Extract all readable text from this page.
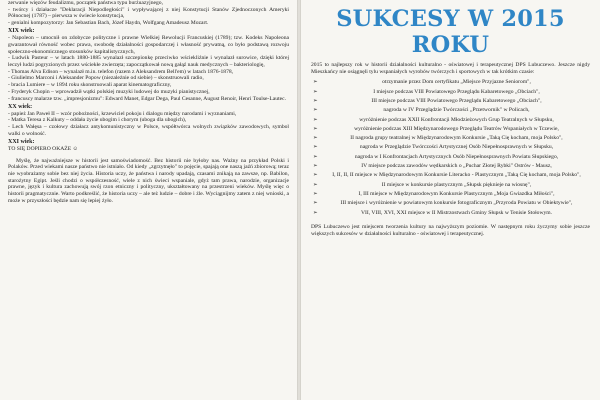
zerwanie więzów feudalizmu, początek państwa typu burżuazyjnego,

- twórcy i działacze "Deklaracji Niepodległości" i wypływającej z niej Konstytucji Stanów Zjednoczonych Ameryki Północnej (1787) – pierwsza w świecie konstytucja,

- genialni kompozytorzy: Jan Sebastian Bach, Józef Haydn, Wolfgang Amadeusz Mozart.

XIX wiek:

- Napoleon – umocnił on zdobycze polityczne i prawne Wielkiej Rewolucji Francuskiej (1789); tzw. Kodeks Napoleona gwarantował równość wobec prawa, swobodę działalności gospodarczej i własność prywatną, co było podstawą rozwoju społeczno-ekonomicznego stosunków kapitalistycznych,

- Ludwik Pasteur – w latach 1880-1885 wynalazł szczepionkę przeciwko wściekliźnie i wynalazł surowice, dzięki której leczył ludzi pogryzionych przez wściekłe zwierzęta; zapoczątkował nową gałąź nauk medycznych – bakteriologię,

- Thomas Alva Edison – wynalazł m.in. telefon (razem z Aleksandrem Bell'em) w latach 1876-1878,

- Giulielmo Marconi i Aleksander Popow (niezależnie od siebie) – skonstruowali radio,

- bracia Lumiere – w 1894 roku skonstruowali aparat kinematograficzny,

- Fryderyk Chopin – wprowadził wątki polskiej muzyki ludowej do muzyki pianistycznej,

- francuscy malarze tzw. „impresjonizmu": Edward Manet, Edgar Dega, Paul Cesanne, August Renoir, Henri Toulse-Lautec.

XX wiek:

- papież Jan Paweł II – wzór pobożności, krzewiciel pokoju i dialogu między narodami i wyznaniami,

- Matka Teresa z Kalkuty – oddała życie ubogim i chorym (uboga dla ubogich),

- Lech Wałęsa – czołowy działacz antykomunistyczny w Polsce, współtwórca wolnych związków zawodowych, symbol walki o wolność.

XXI wiek:

TO SIĘ DOPIERO OKAŻE ☺

Myślę, że najważniejsze w historii jest samoświadomość. Bez historii nie byłoby nas. Ważny na przykład Polski i Polaków. Przed wiekami nasze państwo nie istniało. Od kiedy „zgrzytnęło" to pojęcie, spajają one naszą jaźń zbiorową; teraz nie wyobrażamy sobie bez niej życia. Historia uczy, że państwa i narody upadają, czasami znikają na zawsze, np. Babilon, starożytny Egipt. Jeśli chodzi o współczesność, wiele z nich świeci wspaniale, gdyż tam prawa, narodzie, organizacje prawne, język i kultura zachowują swój rzon etniczny i polityczny, ukształtowany na przestrzeni wieków. Myślę więc o historii pragmatycznie. Warto podkreślić, że historia uczy – ale też ludzie – dobre i źle. Wyciągnijmy zatem z niej wnioski, a może w przyszłości będzie nam się lepiej żyło.

SUKCESY W 2015 ROKU

2015 to najlepszy rok w historii działalności kulturalno - oświatowej i terapeutycznej DPS Lubuczewo. Jeszcze nigdy Mieszkańcy nie osiągnęli tylu wspaniałych wyrobów twórczych i sportowych w tak krótkim czasie:

➢ otrzymanie przez Dom certyfikatu „Miejsce Przyjazne Seniorom",
➢ I miejsce podczas VIII Powiatowego Przeglądu Kabaretowego „Obciach",
➢ III miejsce podczas VIII Powiatowego Przeglądu Kabaretowego „Obciach",
➢ nagroda w IV Przeglądzie Twórczości „Przetwornik" w Policach,
➢ wyróżnienie podczas XXII Konfrontacji Młodzieżowych Grup Teatralnych w Słupsku,
➢ wyróżnienie podczas XIII Międzynarodowego Przeglądu Teatrów Wspaniałych w Tczewie,
➢ II nagroda grupy teatralnej w Międzynarodowym Konkursie „Taką Cię kocham, moja Polsko",
➢ nagroda w Przeglądzie Twórczości Artystycznej Osób Niepełnosprawnych w Słupsku,
➢ nagroda w I Konfrontacjach Artystycznych Osób Niepełnosprawnych Powiatu Słupskiego,
➢ IV miejsce podczas zawodów wędkarskich o „Puchar Złotej Rybki" Ostrów - Mausz,
➢ I, II, II, II miejsce w Międzynarodowym Konkursie Literacko - Plastycznym „Taką Cię kocham, moja Polsko",
➢ II miejsce w konkursie plastycznym „Słupsk pięknieje na wiosnę",
➢ I, III miejsce w Międzynarodowym Konkursie Plastycznym „Moja Gwiazdka Miłości",
➢ III miejsce i wyróżnienie w powiatowym konkursie fotograficznym „Przyroda Powiatu w Obiektywie",
➢ VII, VIII, XVI, XXI miejsce w II Mistrzostwach Gminy Słupsk w Tenisie Stołowym.

DPS Lubuczewo jest miejscem tworzenia kultury na najwyższym poziomie. W następnym roku życzymy sobie jeszcze większych sukcesów w działalności kulturalno - oświatowej i terapeutycznej.
